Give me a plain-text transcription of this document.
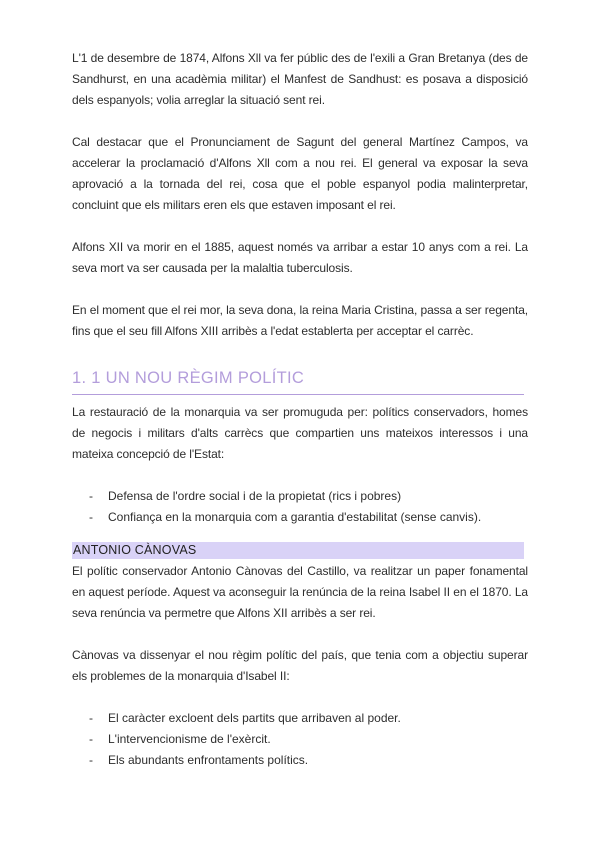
L'1 de desembre de 1874, Alfons Xll va fer públic des de l'exili a Gran Bretanya (des de Sandhurst, en una acadèmia militar) el Manfest de Sandhust: es posava a disposició dels espanyols; volia arreglar la situació sent rei.

Cal destacar que el Pronunciament de Sagunt del general Martínez Campos, va accelerar la proclamació d'Alfons Xll com a nou rei. El general va exposar la seva aprovació a la tornada del rei, cosa que el poble espanyol podia malinterpretar, concluint que els militars eren els que estaven imposant el rei.

Alfons XII va morir en el 1885, aquest només va arribar a estar 10 anys com a rei. La seva mort va ser causada per la malaltia tuberculosis.

En el moment que el rei mor, la seva dona, la reina Maria Cristina, passa a ser regenta, fins que el seu fill Alfons XIII arribès a l'edat establerta per acceptar el carrèc.

1. 1 UN NOU RÈGIM POLÍTIC

La restauració de la monarquia va ser promuguda per: polítics conservadors, homes de negocis i militars d'alts carrècs que compartien uns mateixos interessos i una mateixa concepció de l'Estat:

- Defensa de l'ordre social i de la propietat (rics i pobres)
- Confiança en la monarquia com a garantia d'estabilitat (sense canvis).
ANTONIO CÀNOVAS

El polític conservador Antonio Cànovas del Castillo, va realitzar un paper fonamental en aquest període. Aquest va aconseguir la renúncia de la reina Isabel II en el 1870. La seva renúncia va permetre que Alfons XII arribès a ser rei.

Cànovas va dissenyar el nou règim polític del país, que tenia com a objectiu superar els problemes de la monarquia d'Isabel II:

- El caràcter excloent dels partits que arribaven al poder.
- L'intervencionisme de l'exèrcit.
- Els abundants enfrontaments polítics.
